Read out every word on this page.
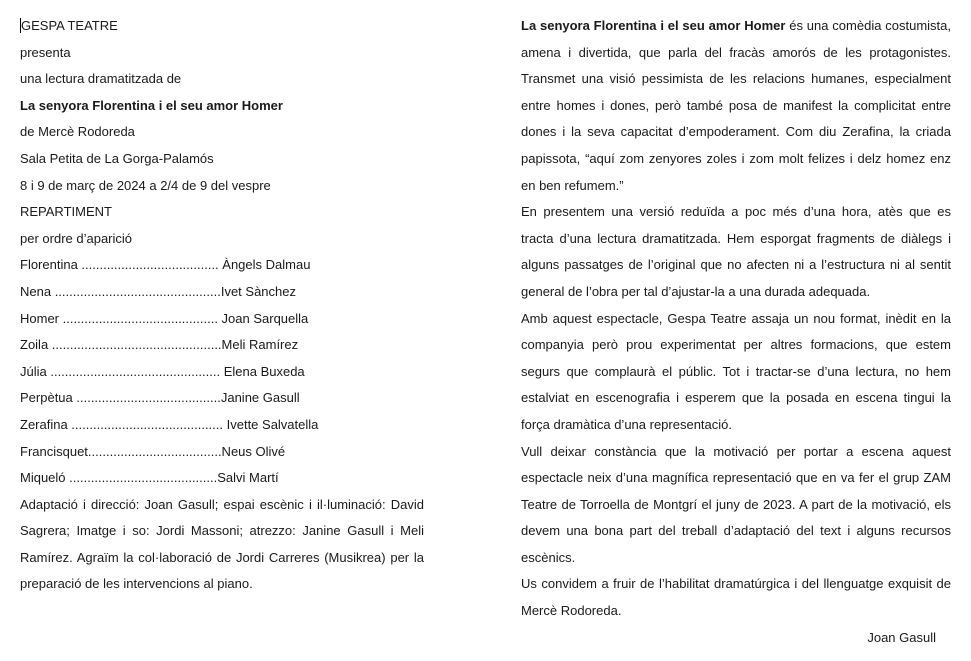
GESPA TEATRE
presenta
una lectura dramatitzada de
La senyora Florentina i el seu amor Homer
de Mercè Rodoreda
Sala Petita de La Gorga-Palamós
8 i 9 de març de 2024 a 2/4 de 9 del vespre
REPARTIMENT
per ordre d’aparició
Florentina ...................................... Àngels Dalmau
Nena ..............................................Ivet Sànchez
Homer ........................................... Joan Sarquella
Zoila ...............................................Meli Ramírez
Júlia ............................................... Elena Buxeda
Perpètua ........................................Janine Gasull
Zerafina .......................................... Ivette Salvatella
Francisquet.....................................Neus Olivé
Miqueló .........................................Salvi Martí

Adaptació i direcció: Joan Gasull; espai escènic i il·luminació: David Sagrera; Imatge i so: Jordi Massoni; atrezzo: Janine Gasull i Meli Ramírez. Agraïm la col·laboració de Jordi Carreres (Musikrea) per la preparació de les intervencions al piano.

La senyora Florentina i el seu amor Homer és una comèdia costumista, amena i divertida, que parla del fracàs amorós de les protagonistes. Transmet una visió pessimista de les relacions humanes, especialment entre homes i dones, però també posa de manifest la complicitat entre dones i la seva capacitat d’empoderament. Com diu Zerafina, la criada papissota, “aquí zom zenyores zoles i zom molt felizes i delz homez enz en ben refumem.”

En presentem una versió reduïda a poc més d’una hora, atès que es tracta d’una lectura dramatitzada. Hem esporgat fragments de diàlegs i alguns passatges de l’original que no afecten ni a l’estructura ni al sentit general de l’obra per tal d’ajustar-la a una durada adequada.

Amb aquest espectacle, Gespa Teatre assaja un nou format, inèdit en la companyia però prou experimentat per altres formacions, que estem segurs que complaurà el públic. Tot i tractar-se d’una lectura, no hem estalviat en escenografia i esperem que la posada en escena tingui la força dramàtica d’una representació.

Vull deixar constància que la motivació per portar a escena aquest espectacle neix d’una magnífica representació que en va fer el grup ZAM Teatre de Torroella de Montgrí el juny de 2023. A part de la motivació, els devem una bona part del treball d’adaptació del text i alguns recursos escènics.

Us convidem a fruir de l’habilitat dramatúrgica i del llenguatge exquisit de Mercè Rodoreda.

Joan Gasull
